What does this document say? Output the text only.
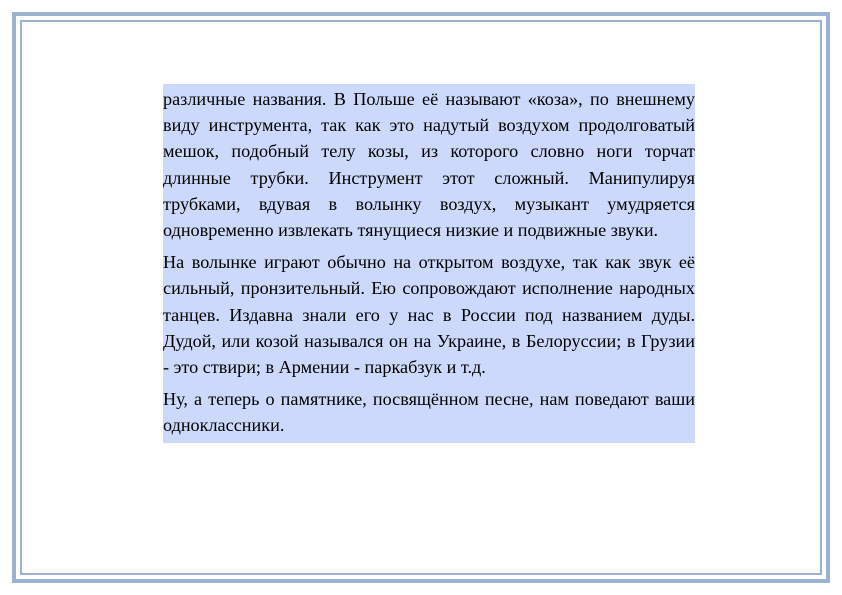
различные названия. В Польше её называют «коза», по внешнему виду инструмента, так как это надутый воздухом продолговатый мешок, подобный телу козы, из которого словно ноги торчат длинные трубки. Инструмент этот сложный. Манипулируя трубками, вдувая в волынку воздух, музыкант умудряется одновременно извлекать тянущиеся низкие и подвижные звуки.

На волынке играют обычно на открытом воздухе, так как звук её сильный, пронзительный. Ею сопровождают исполнение народных танцев. Издавна знали его у нас в России под названием дуды. Дудой, или козой назывался он на Украине, в Белоруссии; в Грузии - это ствири; в Армении - паркабзук и т.д.

Ну, а теперь о памятнике, посвящённом песне, нам поведают ваши одноклассники.
